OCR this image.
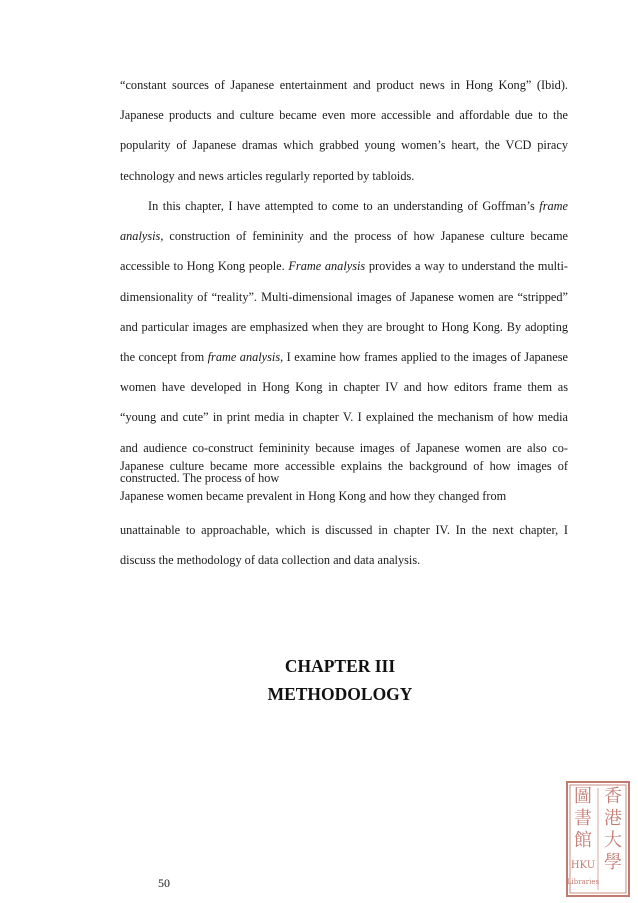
“constant sources of Japanese entertainment and product news in Hong Kong” (Ibid). Japanese products and culture became even more accessible and affordable due to the popularity of Japanese dramas which grabbed young women’s heart, the VCD piracy technology and news articles regularly reported by tabloids.

In this chapter, I have attempted to come to an understanding of Goffman’s frame analysis, construction of femininity and the process of how Japanese culture became accessible to Hong Kong people. Frame analysis provides a way to understand the multi-dimensionality of “reality”. Multi-dimensional images of Japanese women are “stripped” and particular images are emphasized when they are brought to Hong Kong. By adopting the concept from frame analysis, I examine how frames applied to the images of Japanese women have developed in Hong Kong in chapter IV and how editors frame them as “young and cute” in print media in chapter V. I explained the mechanism of how media and audience co-construct femininity because images of Japanese women are also co-constructed. The process of how

Japanese culture became more accessible explains the background of how images of Japanese women became prevalent in Hong Kong and how they changed from

unattainable to approachable, which is discussed in chapter IV. In the next chapter, I discuss the methodology of data collection and data analysis.

CHAPTER III
METHODOLOGY

50

香
港
大
學
圖
書
館
HKU
Libraries
